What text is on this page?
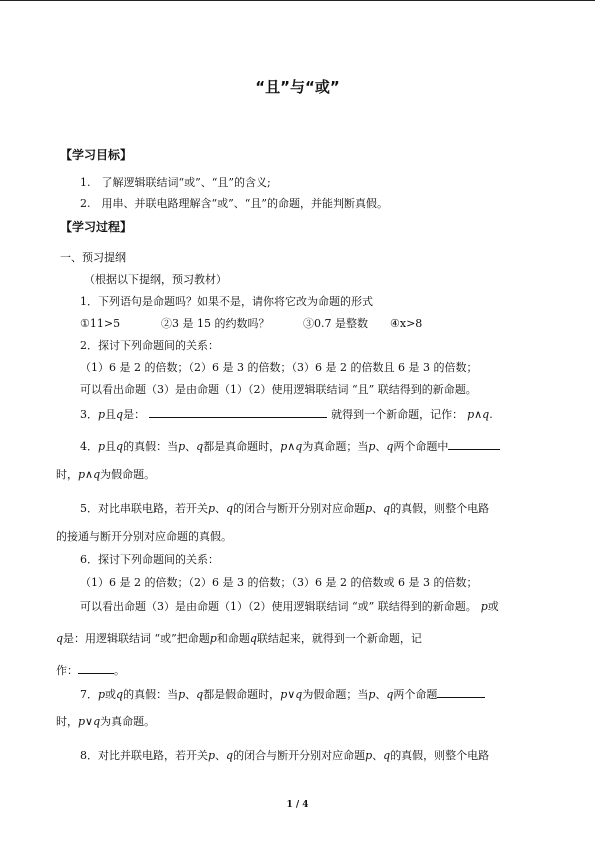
“且”与“或”
【学习目标】
1.　了解逻辑联结词“或”、“且”的含义;
2.　用串、并联电路理解含“或”、“且”的命题，并能判断真假。
【学习过程】
一、预习提纲
（根据以下提纲，预习教材）
1．下列语句是命题吗？如果不是，请你将它改为命题的形式
①11>5	②3 是 15 的约数吗？	③0.7 是整数 ④x>8
2．探讨下列命题间的关系：
（1）6 是 2 的倍数；（2）6 是 3 的倍数；（3）6 是 2 的倍数且 6 是 3 的倍数；
可以看出命题（3）是由命题（1）（2）使用逻辑联结词 “且” 联结得到的新命题。
3．p且q是：	就得到一个新命题，记作： p∧q.
4．p且q的真假：当p、q都是真命题时，p∧q为真命题；当p、q两个命题中
时，p∧q为假命题。
5．对比串联电路，若开关p、q的闭合与断开分别对应命题p、q的真假，则整个电路
的接通与断开分别对应命题的真假。
6．探讨下列命题间的关系：
（1）6 是 2 的倍数；（2）6 是 3 的倍数；（3）6 是 2 的倍数或 6 是 3 的倍数；
可以看出命题（3）是由命题（1）（2）使用逻辑联结词 “或” 联结得到的新命题。 p或
q是：用逻辑联结词 “或”把命题p和命题q联结起来，就得到一个新命题，记
作：	。
7．p或q的真假：当p、q都是假命题时，p∨q为假命题；当p、q两个命题
时，p∨q为真命题。
8．对比并联电路，若开关p、q的闭合与断开分别对应命题p、q的真假，则整个电路
1 / 4
